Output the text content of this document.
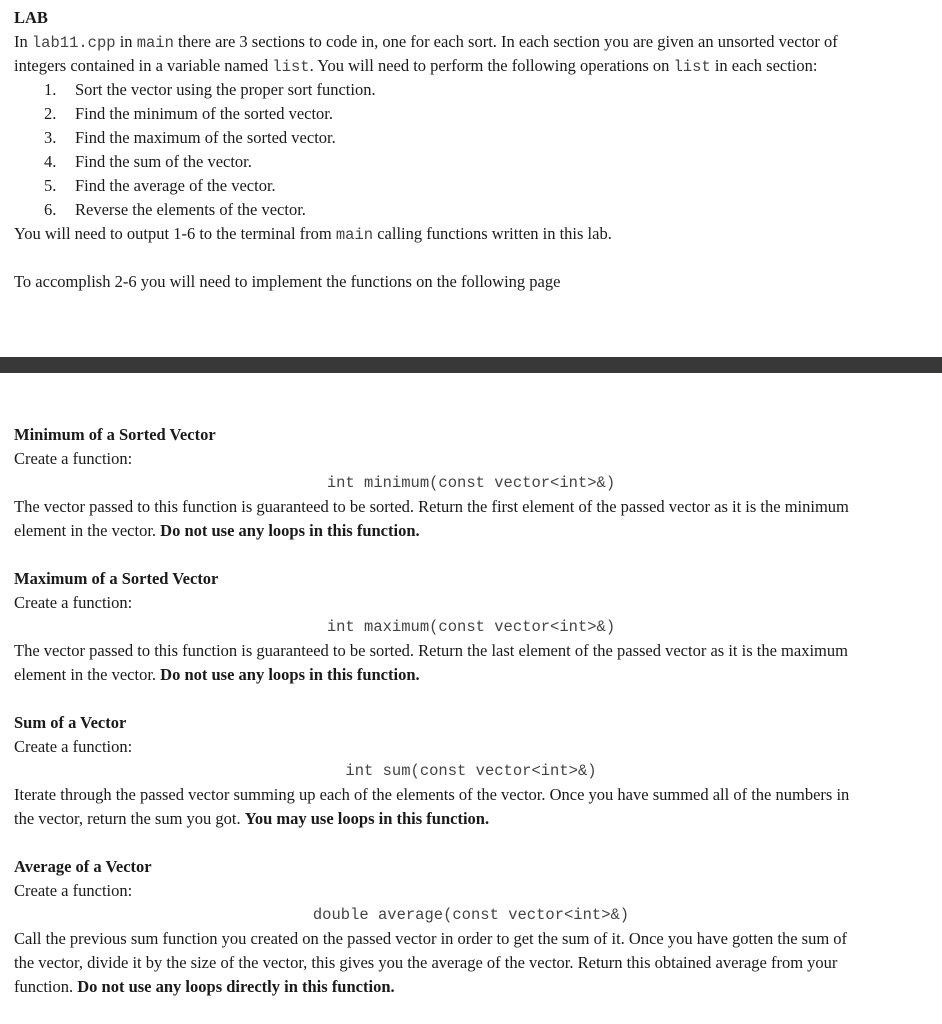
LAB
In lab11.cpp in main there are 3 sections to code in, one for each sort. In each section you are given an unsorted vector of
integers contained in a variable named list. You will need to perform the following operations on list in each section:
1.	Sort the vector using the proper sort function.
2.	Find the minimum of the sorted vector.
3.	Find the maximum of the sorted vector.
4.	Find the sum of the vector.
5.	Find the average of the vector.
6.	Reverse the elements of the vector.
You will need to output 1-6 to the terminal from main calling functions written in this lab.
To accomplish 2-6 you will need to implement the functions on the following page
Minimum of a Sorted Vector
Create a function:
int minimum(const vector<int>&)
The vector passed to this function is guaranteed to be sorted. Return the first element of the passed vector as it is the minimum
element in the vector. Do not use any loops in this function.
Maximum of a Sorted Vector
Create a function:
int maximum(const vector<int>&)
The vector passed to this function is guaranteed to be sorted. Return the last element of the passed vector as it is the maximum
element in the vector. Do not use any loops in this function.
Sum of a Vector
Create a function:
int sum(const vector<int>&)
Iterate through the passed vector summing up each of the elements of the vector. Once you have summed all of the numbers in
the vector, return the sum you got. You may use loops in this function.
Average of a Vector
Create a function:
double average(const vector<int>&)
Call the previous sum function you created on the passed vector in order to get the sum of it. Once you have gotten the sum of
the vector, divide it by the size of the vector, this gives you the average of the vector. Return this obtained average from your
function. Do not use any loops directly in this function.
